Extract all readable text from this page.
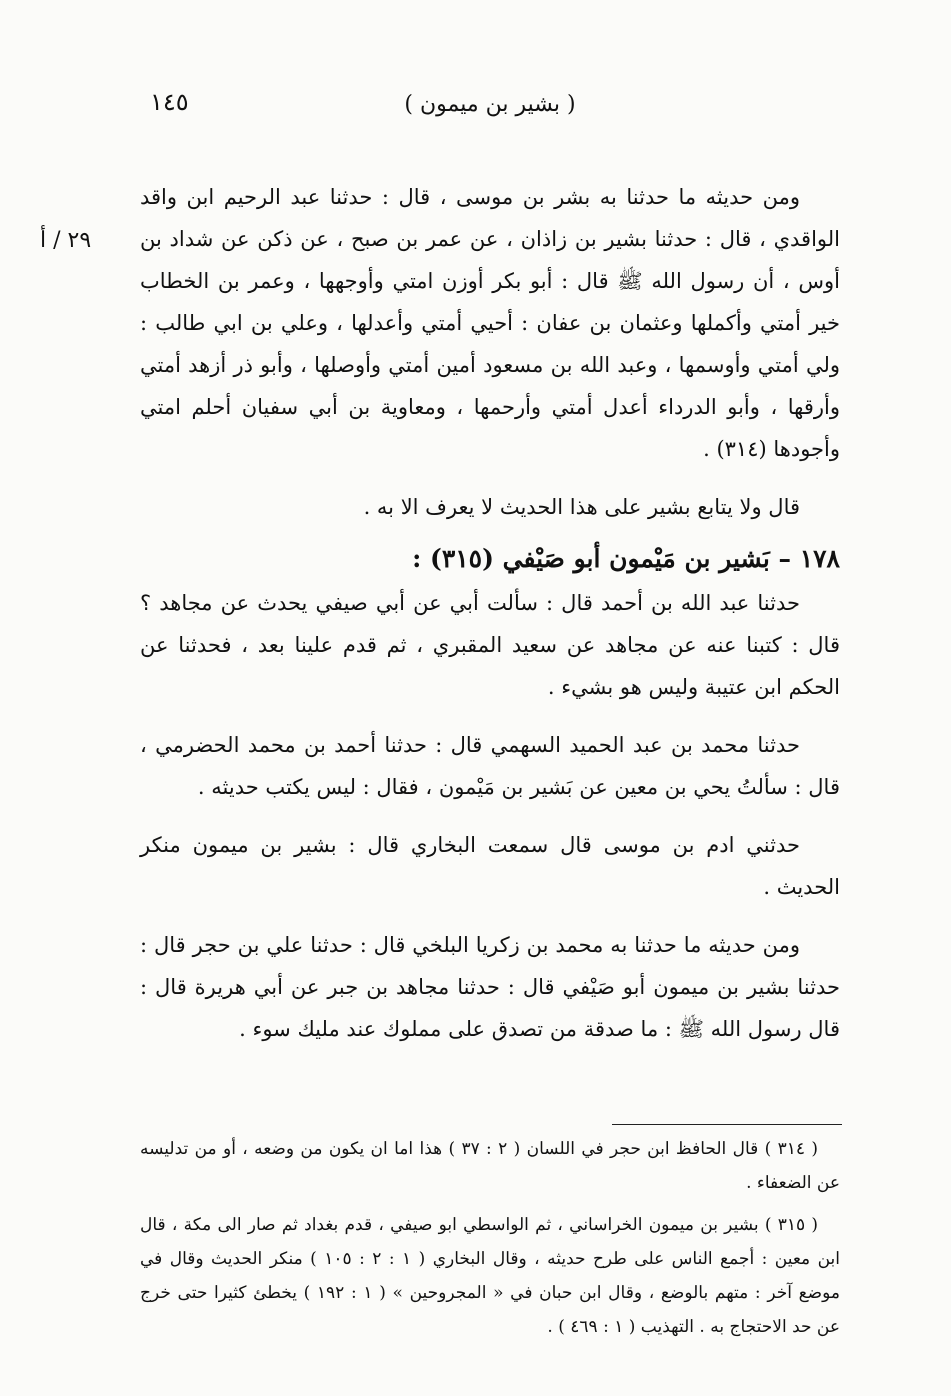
١٤٥	( بشير بن ميمون )
٢٩ / أ

ومن حديثه ما حدثنا به بشر بن موسى ، قال : حدثنا عبد الرحيم ابن واقد الواقدي ، قال : حدثنا بشير بن زاذان ، عن عمر بن صبح ، عن ذكن عن شداد بن أوس ، أن رسول الله ﷺ قال : أبو بكر أوزن امتي وأوجهها ، وعمر بن الخطاب خير أمتي وأكملها وعثمان بن عفان : أحيي أمتي وأعدلها ، وعلي بن ابي طالب : ولي أمتي وأوسمها ، وعبد الله بن مسعود أمين أمتي وأوصلها ، وأبو ذر أزهد أمتي وأرقها ، وأبو الدرداء أعدل أمتي وأرحمها ، ومعاوية بن أبي سفيان أحلم امتي وأجودها (٣١٤) .

قال ولا يتابع بشير على هذا الحديث لا يعرف الا به .

١٧٨ – بَشير بن مَيْمون أبو صَيْفي (٣١٥) :

حدثنا عبد الله بن أحمد قال : سألت أبي عن أبي صيفي يحدث عن مجاهد ؟ قال : كتبنا عنه عن مجاهد عن سعيد المقبري ، ثم قدم علينا بعد ، فحدثنا عن الحكم ابن عتيبة وليس هو بشيء .

حدثنا محمد بن عبد الحميد السهمي قال : حدثنا أحمد بن محمد الحضرمي ، قال : سألتُ يحي بن معين عن بَشير بن مَيْمون ، فقال : ليس يكتب حديثه .

حدثني ادم بن موسى قال سمعت البخاري قال : بشير بن ميمون منكر الحديث .

ومن حديثه ما حدثنا به محمد بن زكريا البلخي قال : حدثنا علي بن حجر قال : حدثنا بشير بن ميمون أبو صَيْفي قال : حدثنا مجاهد بن جبر عن أبي هريرة قال : قال رسول الله ﷺ : ما صدقة من تصدق على مملوك عند مليك سوء .

( ٣١٤ ) قال الحافظ ابن حجر في اللسان ( ٢ : ٣٧ ) هذا اما ان يكون من وضعه ، أو من تدليسه عن الضعفاء .

( ٣١٥ ) بشير بن ميمون الخراساني ، ثم الواسطي ابو صيفي ، قدم بغداد ثم صار الى مكة ، قال ابن معين : أجمع الناس على طرح حديثه ، وقال البخاري ( ١ : ٢ : ١٠٥ ) منكر الحديث وقال في موضع آخر : متهم بالوضع ، وقال ابن حبان في « المجروحين » ( ١ : ١٩٢ ) يخطئ كثيرا حتى خرج عن حد الاحتجاج به . التهذيب ( ١ : ٤٦٩ ) .
